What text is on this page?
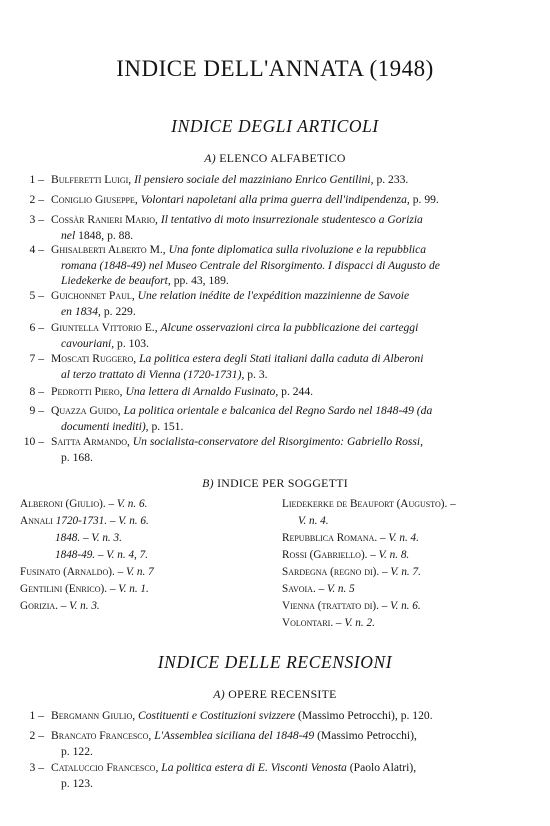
INDICE DELL'ANNATA (1948)
INDICE DEGLI ARTICOLI
A) ELENCO ALFABETICO
1 – Bulferetti Luigi, Il pensiero sociale del mazziniano Enrico Gentilini, p. 233.
2 – Coniglio Giuseppe, Volontari napoletani alla prima guerra dell'indipendenza, p. 99.
3 – Cossàr Ranieri Mario, Il tentativo di moto insurrezionale studentesco a Gorizia
nel 1848, p. 88.
4 – Ghisalberti Alberto M., Una fonte diplomatica sulla rivoluzione e la repubblica
romana (1848-49) nel Museo Centrale del Risorgimento. I dispacci di Augusto de
Liedekerke de beaufort, pp. 43, 189.
5 – Guichonnet Paul, Une relation inédite de l'expédition mazzinienne de Savoie
en 1834, p. 229.
6 – Giuntella Vittorio E., Alcune osservazioni circa la pubblicazione dei carteggi
cavouriani, p. 103.
7 – Moscati Ruggero, La politica estera degli Stati italiani dalla caduta di Alberoni
al terzo trattato di Vienna (1720-1731), p. 3.
8 – Pedrotti Piero, Una lettera di Arnaldo Fusinato, p. 244.
9 – Quazza Guido, La politica orientale e balcanica del Regno Sardo nel 1848-49 (da
documenti inediti), p. 151.
10 – Saitta Armando, Un socialista-conservatore del Risorgimento: Gabriello Rossi,
p. 168.
B) INDICE PER SOGGETTI
Alberoni (Giulio). – V. n. 6.
Annali 1720-1731. – V. n. 6.
1848. – V. n. 3.
1848-49. – V. n. 4, 7.
Fusinato (Arnaldo). – V. n. 7
Gentilini (Enrico). – V. n. 1.
Gorizia. – V. n. 3.
Liedekerke de Beaufort (Augusto). –
V. n. 4.
Repubblica Romana. – V. n. 4.
Rossi (Gabriello). – V. n. 8.
Sardegna (regno di). – V. n. 7.
Savoia. – V. n. 5
Vienna (trattato di). – V. n. 6.
Volontari. – V. n. 2.
INDICE DELLE RECENSIONI
A) OPERE RECENSITE
1 – Bergmann Giulio, Costituenti e Costituzioni svizzere (Massimo Petrocchi), p. 120.
2 – Brancato Francesco, L'Assemblea siciliana del 1848-49 (Massimo Petrocchi),
p. 122.
3 – Cataluccio Francesco, La politica estera di E. Visconti Venosta (Paolo Alatri),
p. 123.
